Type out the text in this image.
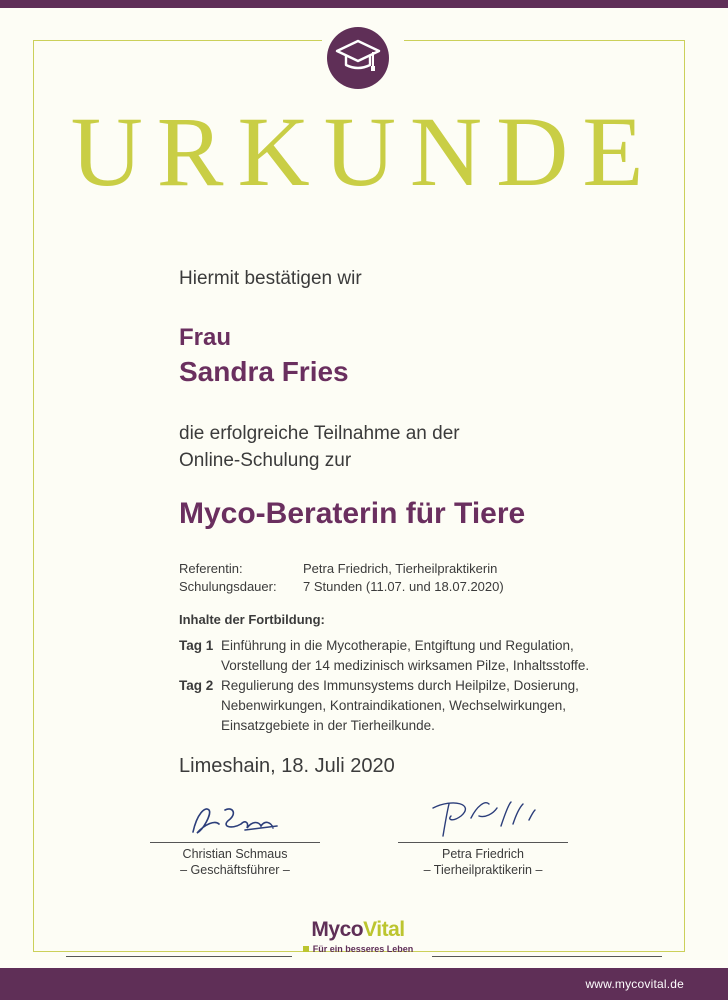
URKUNDE
Hiermit bestätigen wir
Frau
Sandra Fries
die erfolgreiche Teilnahme an der
Online-Schulung zur
Myco-Beraterin für Tiere
Referentin:	Petra Friedrich, Tierheilpraktikerin
Schulungsdauer:	7 Stunden (11.07. und 18.07.2020)
Inhalte der Fortbildung:
Tag 1 Einführung in die Mycotherapie, Entgiftung und Regulation,
Vorstellung der 14 medizinisch wirksamen Pilze, Inhaltsstoffe.
Tag 2 Regulierung des Immunsystems durch Heilpilze, Dosierung,
Nebenwirkungen, Kontraindikationen, Wechselwirkungen,
Einsatzgebiete in der Tierheilkunde.
Limeshain, 18. Juli 2020
Christian Schmaus
– Geschäftsführer –
Petra Friedrich
– Tierheilpraktikerin –
MycoVital
Für ein besseres Leben
www.mycovital.de
